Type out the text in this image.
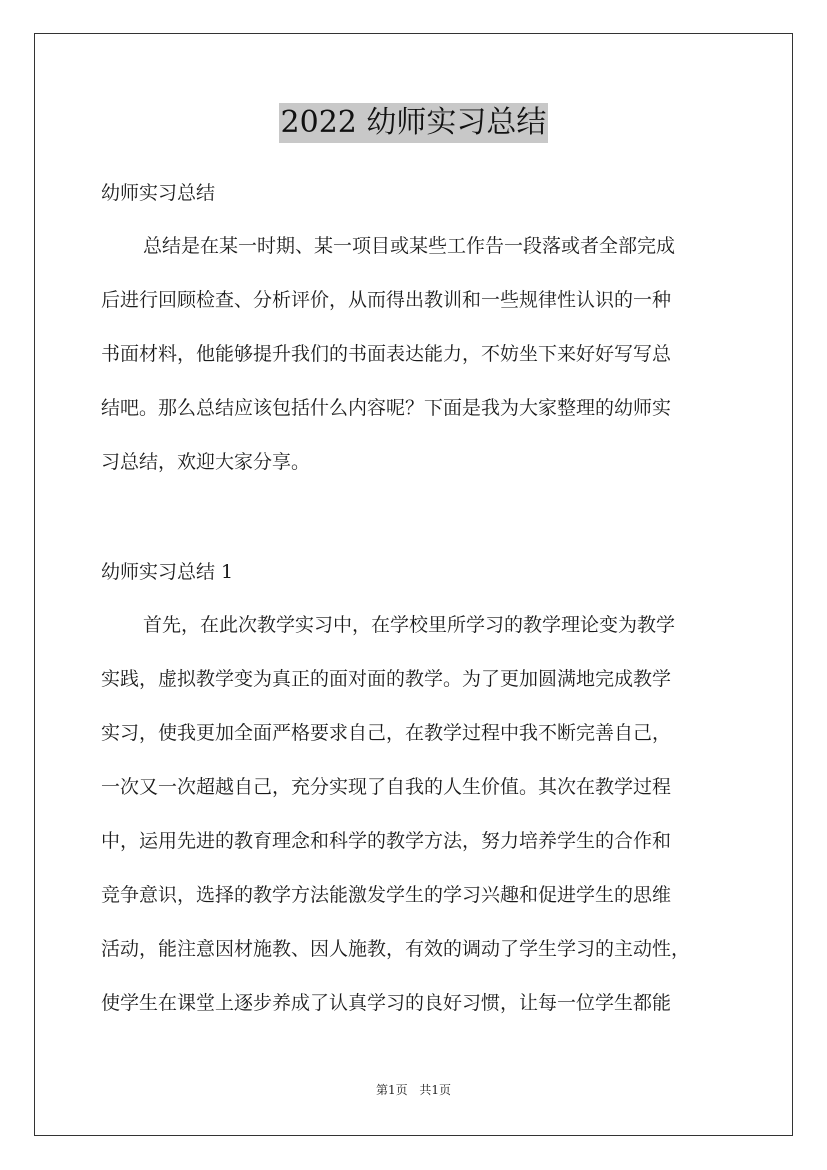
2022 幼师实习总结
幼师实习总结
总结是在某一时期、某一项目或某些工作告一段落或者全部完成
后进行回顾检查、分析评价，从而得出教训和一些规律性认识的一种
书面材料，他能够提升我们的书面表达能力，不妨坐下来好好写写总
结吧。那么总结应该包括什么内容呢？下面是我为大家整理的幼师实
习总结，欢迎大家分享。
幼师实习总结 1
首先，在此次教学实习中，在学校里所学习的教学理论变为教学
实践，虚拟教学变为真正的面对面的教学。为了更加圆满地完成教学
实习，使我更加全面严格要求自己，在教学过程中我不断完善自己，
一次又一次超越自己，充分实现了自我的人生价值。其次在教学过程
中，运用先进的教育理念和科学的教学方法，努力培养学生的合作和
竞争意识，选择的教学方法能激发学生的学习兴趣和促进学生的思维
活动，能注意因材施教、因人施教，有效的调动了学生学习的主动性，
使学生在课堂上逐步养成了认真学习的良好习惯，让每一位学生都能
第1页 共1页
